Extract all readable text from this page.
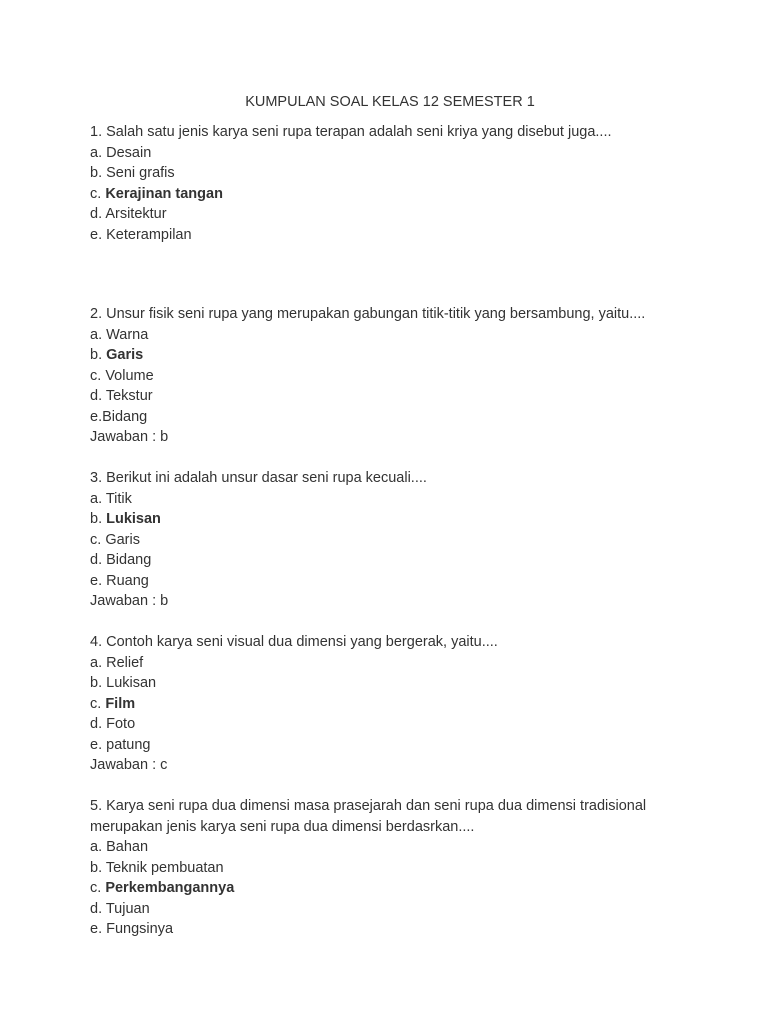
KUMPULAN SOAL KELAS 12 SEMESTER 1
1. Salah satu jenis karya seni rupa terapan adalah seni kriya yang disebut juga....
a. Desain
b. Seni grafis
c. Kerajinan tangan
d. Arsitektur
e. Keterampilan
2. Unsur fisik seni rupa yang merupakan gabungan titik-titik yang bersambung, yaitu....
a. Warna
b. Garis
c. Volume
d. Tekstur
e.Bidang
Jawaban : b
3. Berikut ini adalah unsur dasar seni rupa kecuali....
a. Titik
b. Lukisan
c. Garis
d. Bidang
e. Ruang
Jawaban : b
4. Contoh karya seni visual dua dimensi yang bergerak, yaitu....
a. Relief
b. Lukisan
c. Film
d. Foto
e. patung
Jawaban : c
5. Karya seni rupa dua dimensi masa prasejarah dan seni rupa dua dimensi tradisional merupakan jenis karya seni rupa dua dimensi berdasrkan....
a. Bahan
b. Teknik pembuatan
c. Perkembangannya
d. Tujuan
e. Fungsinya
